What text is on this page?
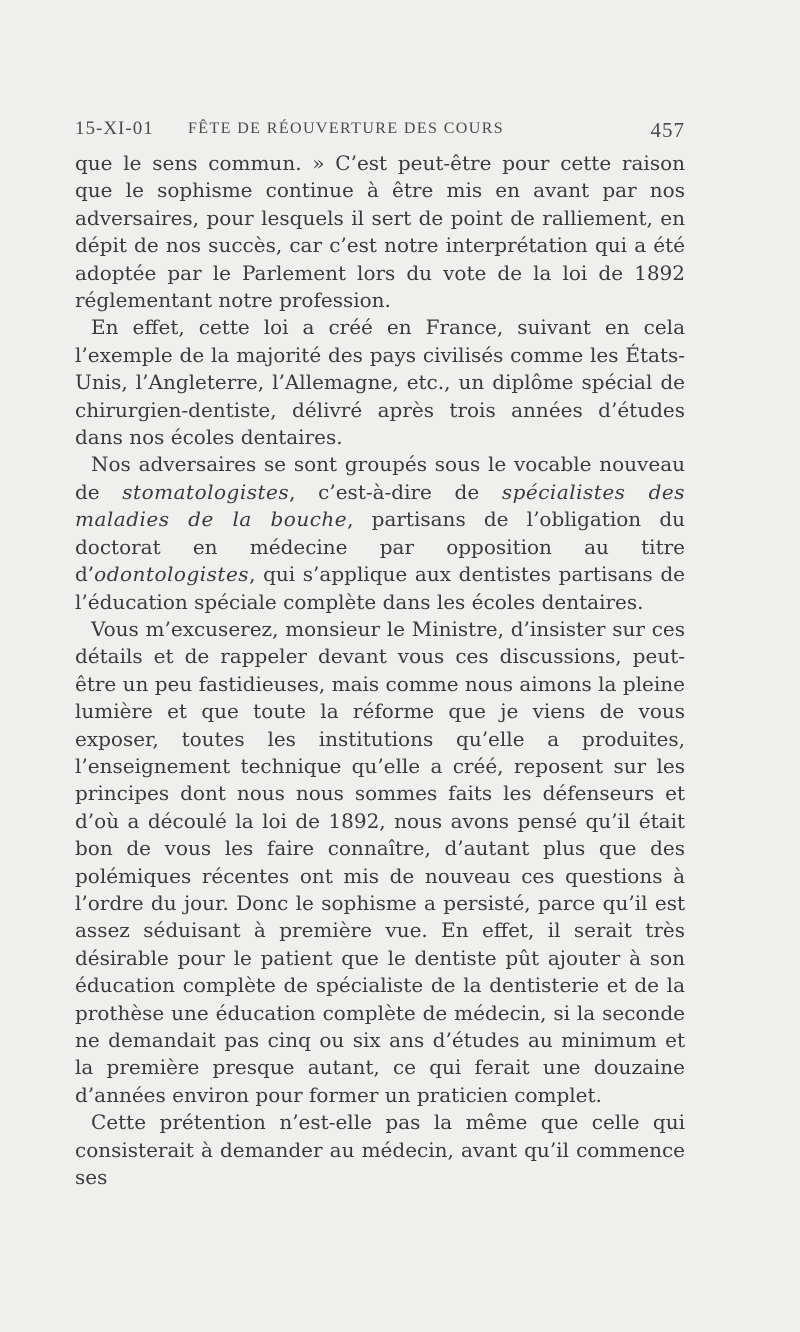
15-XI-01 FÊTE DE RÉOUVERTURE DES COURS	457

que le sens commun. » C’est peut-être pour cette raison que le sophisme continue à être mis en avant par nos adversaires, pour lesquels il sert de point de ralliement, en dépit de nos succès, car c’est notre interprétation qui a été adoptée par le Parlement lors du vote de la loi de 1892 réglementant notre profession.

En effet, cette loi a créé en France, suivant en cela l’exemple de la majorité des pays civilisés comme les États-Unis, l’Angleterre, l’Allemagne, etc., un diplôme spécial de chirurgien-dentiste, délivré après trois années d’études dans nos écoles dentaires.

Nos adversaires se sont groupés sous le vocable nouveau de stomatologistes, c’est-à-dire de spécialistes des maladies de la bouche, partisans de l’obligation du doctorat en médecine par opposition au titre d’odontologistes, qui s’applique aux dentistes partisans de l’éducation spéciale complète dans les écoles dentaires.

Vous m’excuserez, monsieur le Ministre, d’insister sur ces détails et de rappeler devant vous ces discussions, peut-être un peu fastidieuses, mais comme nous aimons la pleine lumière et que toute la réforme que je viens de vous exposer, toutes les institutions qu’elle a produites, l’enseignement technique qu’elle a créé, reposent sur les principes dont nous nous sommes faits les défenseurs et d’où a découlé la loi de 1892, nous avons pensé qu’il était bon de vous les faire connaître, d’autant plus que des polémiques récentes ont mis de nouveau ces questions à l’ordre du jour. Donc le sophisme a persisté, parce qu’il est assez séduisant à première vue. En effet, il serait très désirable pour le patient que le dentiste pût ajouter à son éducation complète de spécialiste de la dentisterie et de la prothèse une éducation complète de médecin, si la seconde ne demandait pas cinq ou six ans d’études au minimum et la première presque autant, ce qui ferait une douzaine d’années environ pour former un praticien complet.

Cette prétention n’est-elle pas la même que celle qui consisterait à demander au médecin, avant qu’il commence ses
